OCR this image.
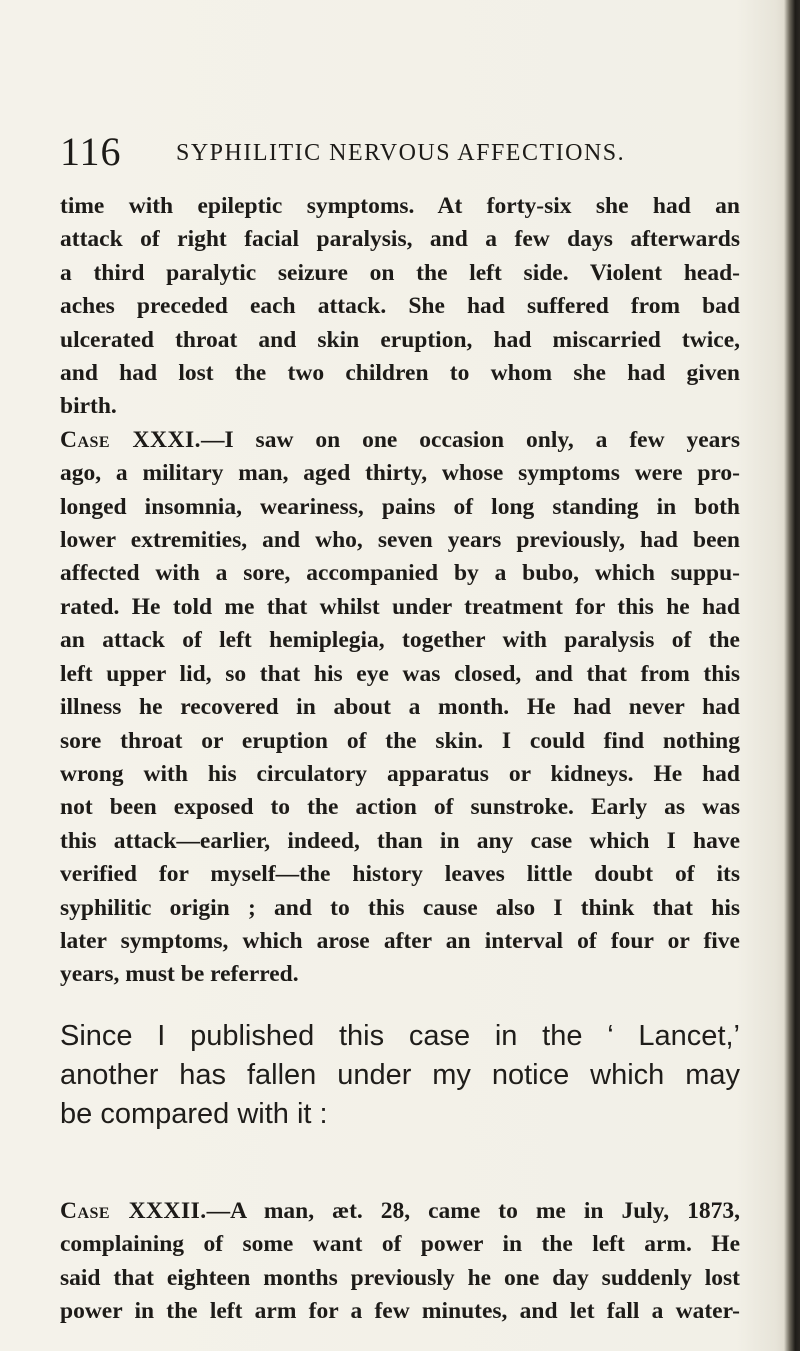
116 SYPHILITIC NERVOUS AFFECTIONS.

time with epileptic symptoms. At forty-six she had an
attack of right facial paralysis, and a few days afterwards
a third paralytic seizure on the left side. Violent head-
aches preceded each attack. She had suffered from bad
ulcerated throat and skin eruption, had miscarried twice,
and had lost the two children to whom she had given
birth.

Case XXXI.—I saw on one occasion only, a few years
ago, a military man, aged thirty, whose symptoms were pro-
longed insomnia, weariness, pains of long standing in both
lower extremities, and who, seven years previously, had been
affected with a sore, accompanied by a bubo, which suppu-
rated. He told me that whilst under treatment for this he had
an attack of left hemiplegia, together with paralysis of the
left upper lid, so that his eye was closed, and that from this
illness he recovered in about a month. He had never had
sore throat or eruption of the skin. I could find nothing
wrong with his circulatory apparatus or kidneys. He had
not been exposed to the action of sunstroke. Early as was
this attack—earlier, indeed, than in any case which I have
verified for myself—the history leaves little doubt of its
syphilitic origin ; and to this cause also I think that his
later symptoms, which arose after an interval of four or five
years, must be referred.

Since I published this case in the ‘ Lancet,’
another has fallen under my notice which may
be compared with it :

Case XXXII.—A man, æt. 28, came to me in July, 1873,
complaining of some want of power in the left arm. He
said that eighteen months previously he one day suddenly lost
power in the left arm for a few minutes, and let fall a water-
